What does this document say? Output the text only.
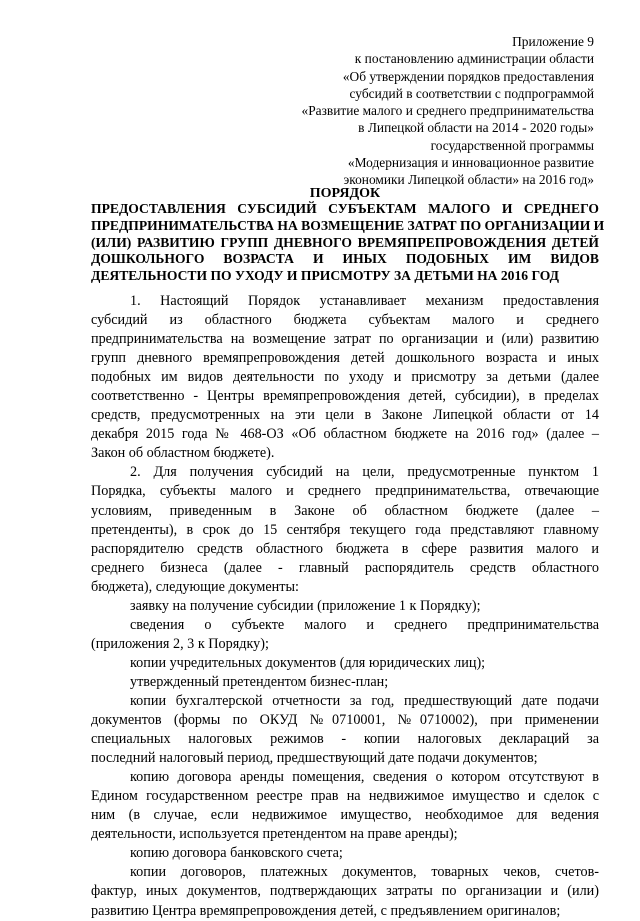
Приложение 9
к постановлению администрации области
«Об утверждении порядков предоставления
субсидий в соответствии с подпрограммой
«Развитие малого и среднего предпринимательства
в Липецкой области на 2014 - 2020 годы»
государственной программы
«Модернизация и инновационное развитие
экономики Липецкой области» на 2016 год»
ПОРЯДОК
ПРЕДОСТАВЛЕНИЯ СУБСИДИЙ СУБЪЕКТАМ МАЛОГО И СРЕДНЕГО
ПРЕДПРИНИМАТЕЛЬСТВА НА ВОЗМЕЩЕНИЕ ЗАТРАТ ПО ОРГАНИЗАЦИИ И
(ИЛИ) РАЗВИТИЮ ГРУПП ДНЕВНОГО ВРЕМЯПРЕПРОВОЖДЕНИЯ ДЕТЕЙ
ДОШКОЛЬНОГО ВОЗРАСТА И ИНЫХ ПОДОБНЫХ ИМ ВИДОВ
ДЕЯТЕЛЬНОСТИ ПО УХОДУ И ПРИСМОТРУ ЗА ДЕТЬМИ НА 2016 ГОД
1. Настоящий Порядок устанавливает механизм предоставления
субсидий из областного бюджета субъектам малого и среднего
предпринимательства на возмещение затрат по организации и (или) развитию
групп дневного времяпрепровождения детей дошкольного возраста и иных
подобных им видов деятельности по уходу и присмотру за детьми (далее
соответственно - Центры времяпрепровождения детей, субсидии), в пределах
средств, предусмотренных на эти цели в Законе Липецкой области от 14
декабря 2015 года № 468-ОЗ «Об областном бюджете на 2016 год» (далее –
Закон об областном бюджете).
2. Для получения субсидий на цели, предусмотренные пунктом 1
Порядка, субъекты малого и среднего предпринимательства, отвечающие
условиям, приведенным в Законе об областном бюджете (далее –
претенденты), в срок до 15 сентября текущего года представляют главному
распорядителю средств областного бюджета в сфере развития малого и
среднего бизнеса (далее - главный распорядитель средств областного
бюджета), следующие документы:
заявку на получение субсидии (приложение 1 к Порядку);
сведения о субъекте малого и среднего предпринимательства
(приложения 2, 3 к Порядку);
копии учредительных документов (для юридических лиц);
утвержденный претендентом бизнес-план;
копии бухгалтерской отчетности за год, предшествующий дате подачи
документов (формы по ОКУД №0710001, №0710002), при применении
специальных налоговых режимов - копии налоговых деклараций за
последний налоговый период, предшествующий дате подачи документов;
копию договора аренды помещения, сведения о котором отсутствуют в
Едином государственном реестре прав на недвижимое имущество и сделок с
ним (в случае, если недвижимое имущество, необходимое для ведения
деятельности, используется претендентом на праве аренды);
копию договора банковского счета;
копии договоров, платежных документов, товарных чеков, счетов-
фактур, иных документов, подтверждающих затраты по организации и (или)
развитию Центра времяпрепровождения детей, с предъявлением оригиналов;
